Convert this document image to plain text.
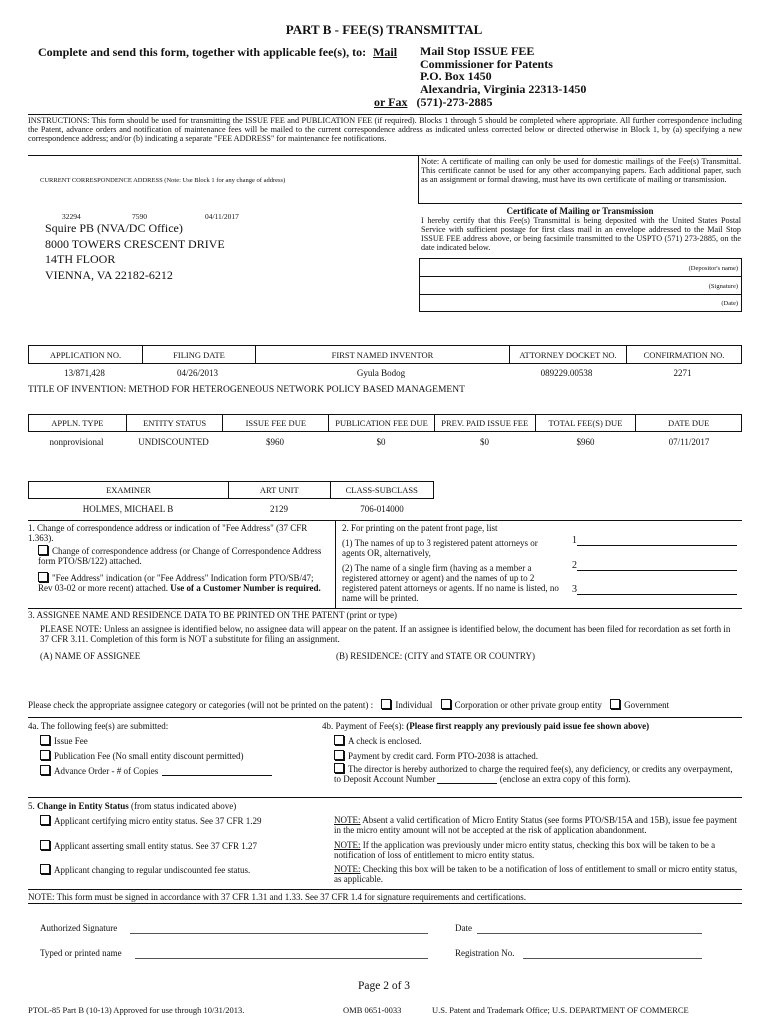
PART B - FEE(S) TRANSMITTAL
Complete and send this form, together with applicable fee(s), to: Mail Mail Stop ISSUE FEE
Commissioner for Patents
P.O. Box 1450
Alexandria, Virginia 22313-1450
or Fax (571)-273-2885
INSTRUCTIONS: This form should be used for transmitting the ISSUE FEE and PUBLICATION FEE (if required). Blocks 1 through 5 should be completed where appropriate. All further correspondence including the Patent, advance orders and notification of maintenance fees will be mailed to the current correspondence address as indicated unless corrected below or directed otherwise in Block 1, by (a) specifying a new correspondence address; and/or (b) indicating a separate "FEE ADDRESS" for maintenance fee notifications.
CURRENT CORRESPONDENCE ADDRESS (Note: Use Block 1 for any change of address)
32294	7590	04/11/2017
Squire PB (NVA/DC Office)
8000 TOWERS CRESCENT DRIVE
14TH FLOOR
VIENNA, VA 22182-6212
Note: A certificate of mailing can only be used for domestic mailings of the Fee(s) Transmittal. This certificate cannot be used for any other accompanying papers. Each additional paper, such as an assignment or formal drawing, must have its own certificate of mailing or transmission.
Certificate of Mailing or Transmission
I hereby certify that this Fee(s) Transmittal is being deposited with the United States Postal Service with sufficient postage for first class mail in an envelope addressed to the Mail Stop ISSUE FEE address above, or being facsimile transmitted to the USPTO (571) 273-2885, on the date indicated below.
(Depositor's name)
(Signature)
(Date)
APPLICATION NO.	FILING DATE	FIRST NAMED INVENTOR	ATTORNEY DOCKET NO.	CONFIRMATION NO.
13/871,428	04/26/2013	Gyula Bodog	089229.00538	2271
TITLE OF INVENTION: METHOD FOR HETEROGENEOUS NETWORK POLICY BASED MANAGEMENT
APPLN. TYPE	ENTITY STATUS	ISSUE FEE DUE	PUBLICATION FEE DUE	PREV. PAID ISSUE FEE	TOTAL FEE(S) DUE	DATE DUE
nonprovisional	UNDISCOUNTED	$960	$0	$0	$960	07/11/2017
EXAMINER	ART UNIT	CLASS-SUBCLASS
HOLMES, MICHAEL B	2129	706-014000
1. Change of correspondence address or indication of "Fee Address" (37 CFR 1.363).
Change of correspondence address (or Change of Correspondence Address form PTO/SB/122) attached.
"Fee Address" indication (or "Fee Address" Indication form PTO/SB/47; Rev 03-02 or more recent) attached. Use of a Customer Number is required.
2. For printing on the patent front page, list
(1) The names of up to 3 registered patent attorneys or agents OR, alternatively,
(2) The name of a single firm (having as a member a registered attorney or agent) and the names of up to 2 registered patent attorneys or agents. If no name is listed, no name will be printed.
1
2
3
3. ASSIGNEE NAME AND RESIDENCE DATA TO BE PRINTED ON THE PATENT (print or type)
PLEASE NOTE: Unless an assignee is identified below, no assignee data will appear on the patent. If an assignee is identified below, the document has been filed for recordation as set forth in 37 CFR 3.11. Completion of this form is NOT a substitute for filing an assignment.
(A) NAME OF ASSIGNEE	(B) RESIDENCE: (CITY and STATE OR COUNTRY)
Please check the appropriate assignee category or categories (will not be printed on the patent) : Individual Corporation or other private group entity Government
4a. The following fee(s) are submitted:
Issue Fee
Publication Fee (No small entity discount permitted)
Advance Order - # of Copies
4b. Payment of Fee(s): (Please first reapply any previously paid issue fee shown above)
A check is enclosed.
Payment by credit card. Form PTO-2038 is attached.
The director is hereby authorized to charge the required fee(s), any deficiency, or credits any overpayment, to Deposit Account Number	(enclose an extra copy of this form).
5. Change in Entity Status (from status indicated above)
Applicant certifying micro entity status. See 37 CFR 1.29
Applicant asserting small entity status. See 37 CFR 1.27
Applicant changing to regular undiscounted fee status.
NOTE: Absent a valid certification of Micro Entity Status (see forms PTO/SB/15A and 15B), issue fee payment in the micro entity amount will not be accepted at the risk of application abandonment.
NOTE: If the application was previously under micro entity status, checking this box will be taken to be a notification of loss of entitlement to micro entity status.
NOTE: Checking this box will be taken to be a notification of loss of entitlement to small or micro entity status, as applicable.
NOTE: This form must be signed in accordance with 37 CFR 1.31 and 1.33. See 37 CFR 1.4 for signature requirements and certifications.
Authorized Signature	Date
Typed or printed name	Registration No.
Page 2 of 3
PTOL-85 Part B (10-13) Approved for use through 10/31/2013.	OMB 0651-0033	U.S. Patent and Trademark Office; U.S. DEPARTMENT OF COMMERCE
